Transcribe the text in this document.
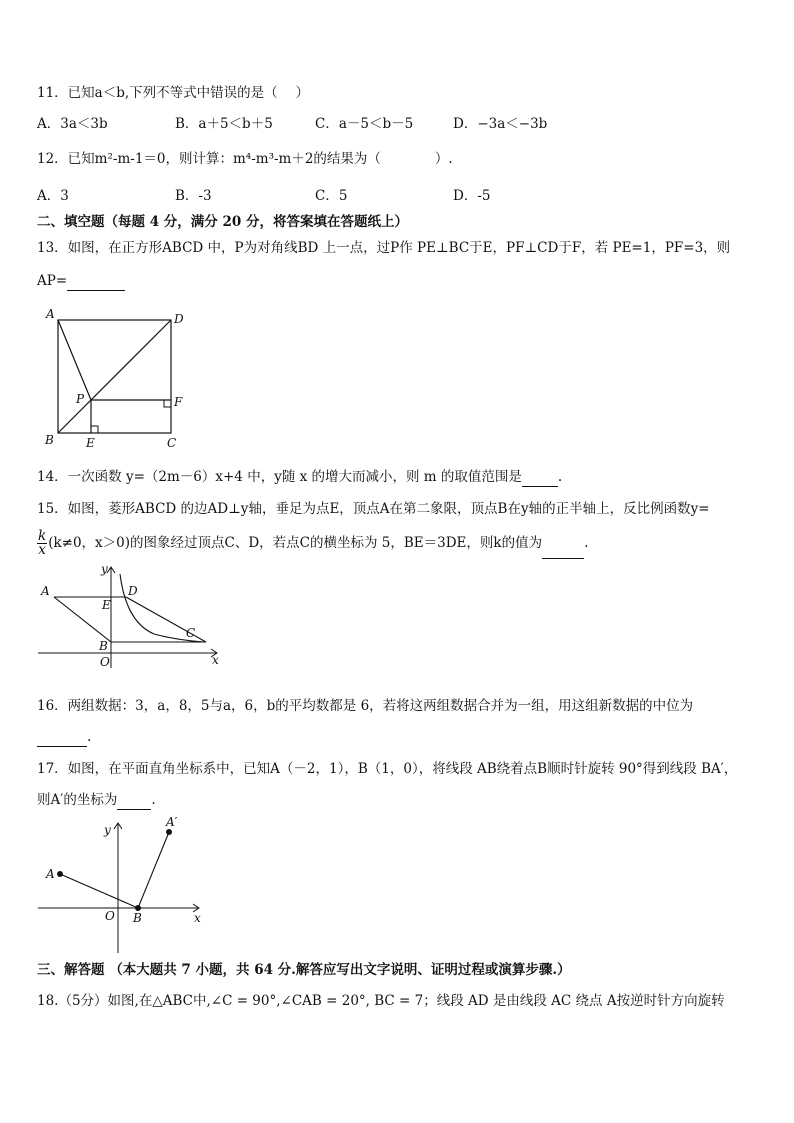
11．已知a＜b,下列不等式中错误的是（　 ）
A．3a＜3b	B．a＋5＜b＋5	C．a－5＜b－5	D．−3a＜−3b
12．已知m²-m-1＝0，则计算：m⁴-m³-m＋2的结果为（　　　　）.
A．3	B．-3	C．5	D．-5
二、填空题（每题 4 分，满分 20 分，将答案填在答题纸上）
13．如图，在正方形ABCD 中，P为对角线BD 上一点，过P作 PE⊥BC于E，PF⊥CD于F，若 PE=1，PF=3，则
AP=
A	D
P	F
B	E	C
14．一次函数 y=（2m－6）x+4 中，y随 x 的增大而减小，则 m 的取值范围是	.
15．如图，菱形ABCD 的边AD⊥y轴，垂足为点E，顶点A在第二象限，顶点B在y轴的正半轴上，反比例函数y=
$\frac{k}{x} (k\ne 0$，x＞0)的图象经过顶点C、D，若点C的横坐标为 5，BE＝3DE，则k的值为	.
y
A	D
E
C
B
O	x
16．两组数据：3，a，8，5与a，6，b的平均数都是 6，若将这两组数据合并为一组，用这组新数据的中位为
.
17．如图，在平面直角坐标系中，已知A（－2，1），B（1，0），将线段 AB绕着点B顺时针旋转 90°得到线段 BA′，
则A′的坐标为	.
y
A′
A
O B	x
三、解答题 （本大题共 7 小题，共 64 分.解答应写出文字说明、证明过程或演算步骤.）
18.（5分）如图,在△ABC中,∠C = 90°,∠CAB = 20°, BC = 7；线段 AD 是由线段 AC 绕点 A按逆时针方向旋转
